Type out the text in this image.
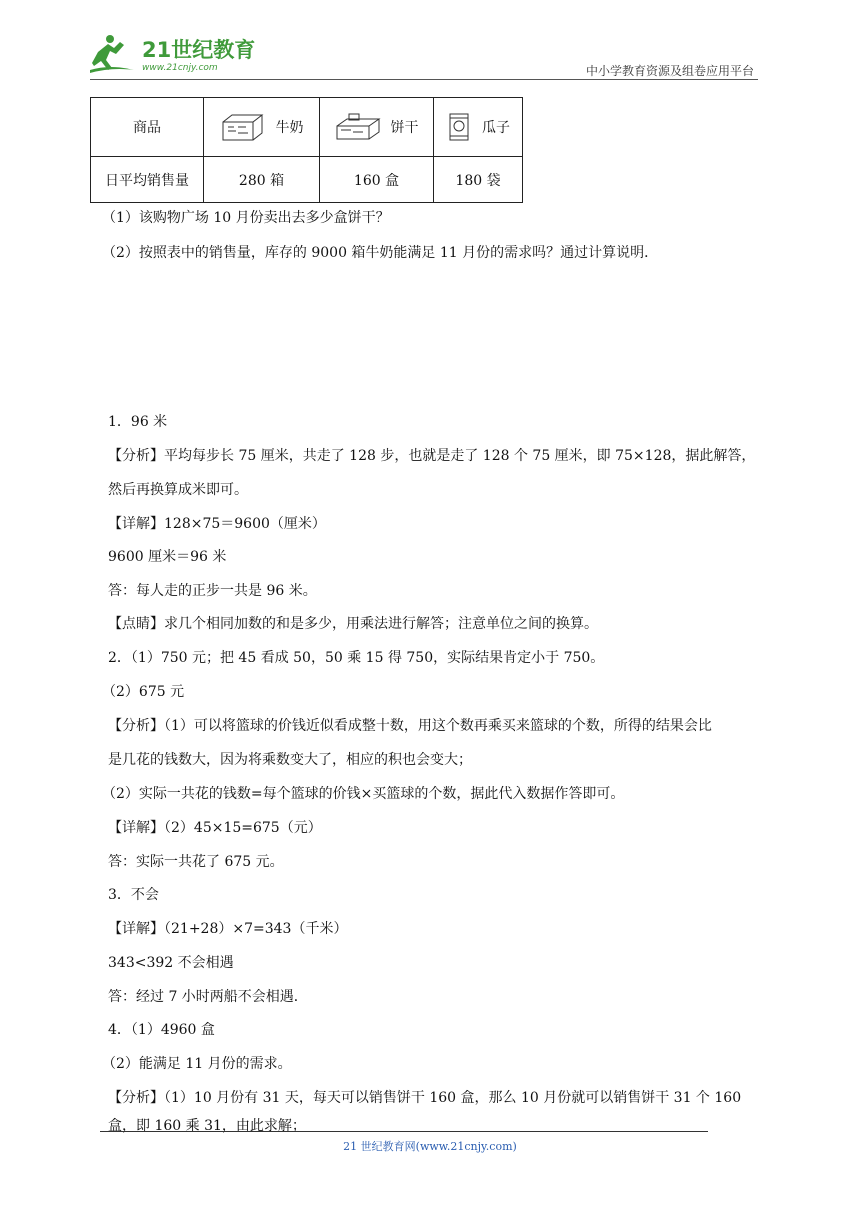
21世纪教育
www.21cnjy.com	中小学教育资源及组卷应用平台
商品	牛奶	饼干	瓜子

日平均销售量	280 箱	160 盒	180 袋
（1）该购物广场 10 月份卖出去多少盒饼干？
（2）按照表中的销售量，库存的 9000 箱牛奶能满足 11 月份的需求吗？通过计算说明．
1．96 米
【分析】平均每步长 75 厘米，共走了 128 步，也就是走了 128 个 75 厘米，即 75×128，据此解答，
然后再换算成米即可。
【详解】128×75＝9600（厘米）
9600 厘米＝96 米
答：每人走的正步一共是 96 米。
【点睛】求几个相同加数的和是多少，用乘法进行解答；注意单位之间的换算。
2．（1）750 元；把 45 看成 50，50 乘 15 得 750，实际结果肯定小于 750。
（2）675 元
【分析】（1）可以将篮球的价钱近似看成整十数，用这个数再乘买来篮球的个数，所得的结果会比
是几花的钱数大，因为将乘数变大了，相应的积也会变大；
（2）实际一共花的钱数=每个篮球的价钱×买篮球的个数，据此代入数据作答即可。
【详解】（2）45×15=675（元）
答：实际一共花了 675 元。
3．不会
【详解】（21+28）×7=343（千米）
343<392 不会相遇
答：经过 7 小时两船不会相遇．
4．（1）4960 盒
（2）能满足 11 月份的需求。
【分析】（1）10 月份有 31 天，每天可以销售饼干 160 盒，那么 10 月份就可以销售饼干 31 个 160
盒，即 160 乘 31，由此求解；
21 世纪教育网(www.21cnjy.com)
